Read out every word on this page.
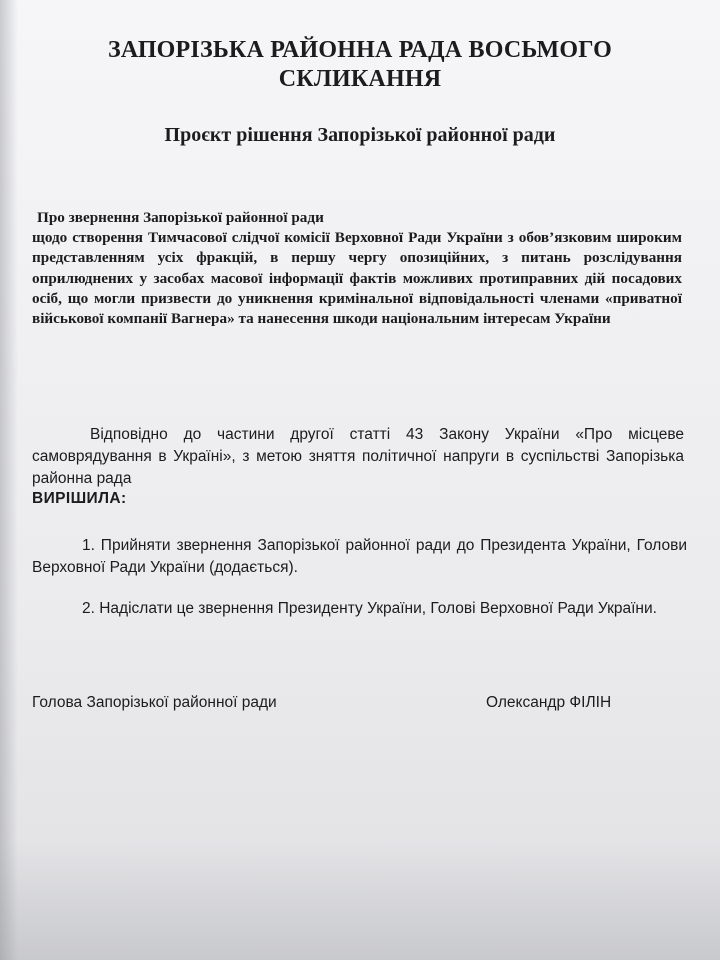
ЗАПОРІЗЬКА РАЙОННА РАДА ВОСЬМОГО
СКЛИКАННЯ
Проєкт рішення Запорізької районної ради
Про звернення Запорізької районної ради
щодо створення Тимчасової слідчої комісії Верховної Ради України з обов’язковим широким представленням усіх фракцій, в першу чергу опозиційних, з питань розслідування оприлюднених у засобах масової інформації фактів можливих протиправних дій посадових осіб, що могли призвести до уникнення кримінальної відповідальності членами «приватної військової компанії Вагнера» та нанесення шкоди національним інтересам України
Відповідно до частини другої статті 43 Закону України «Про місцеве самоврядування в Україні», з метою зняття політичної напруги в суспільстві Запорізька районна рада
ВИРІШИЛА:
1. Прийняти звернення Запорізької районної ради до Президента України, Голови Верховної Ради України (додається).
2. Надіслати це звернення Президенту України, Голові Верховної Ради України.
Голова Запорізької районної ради	Олександр ФІЛІН
